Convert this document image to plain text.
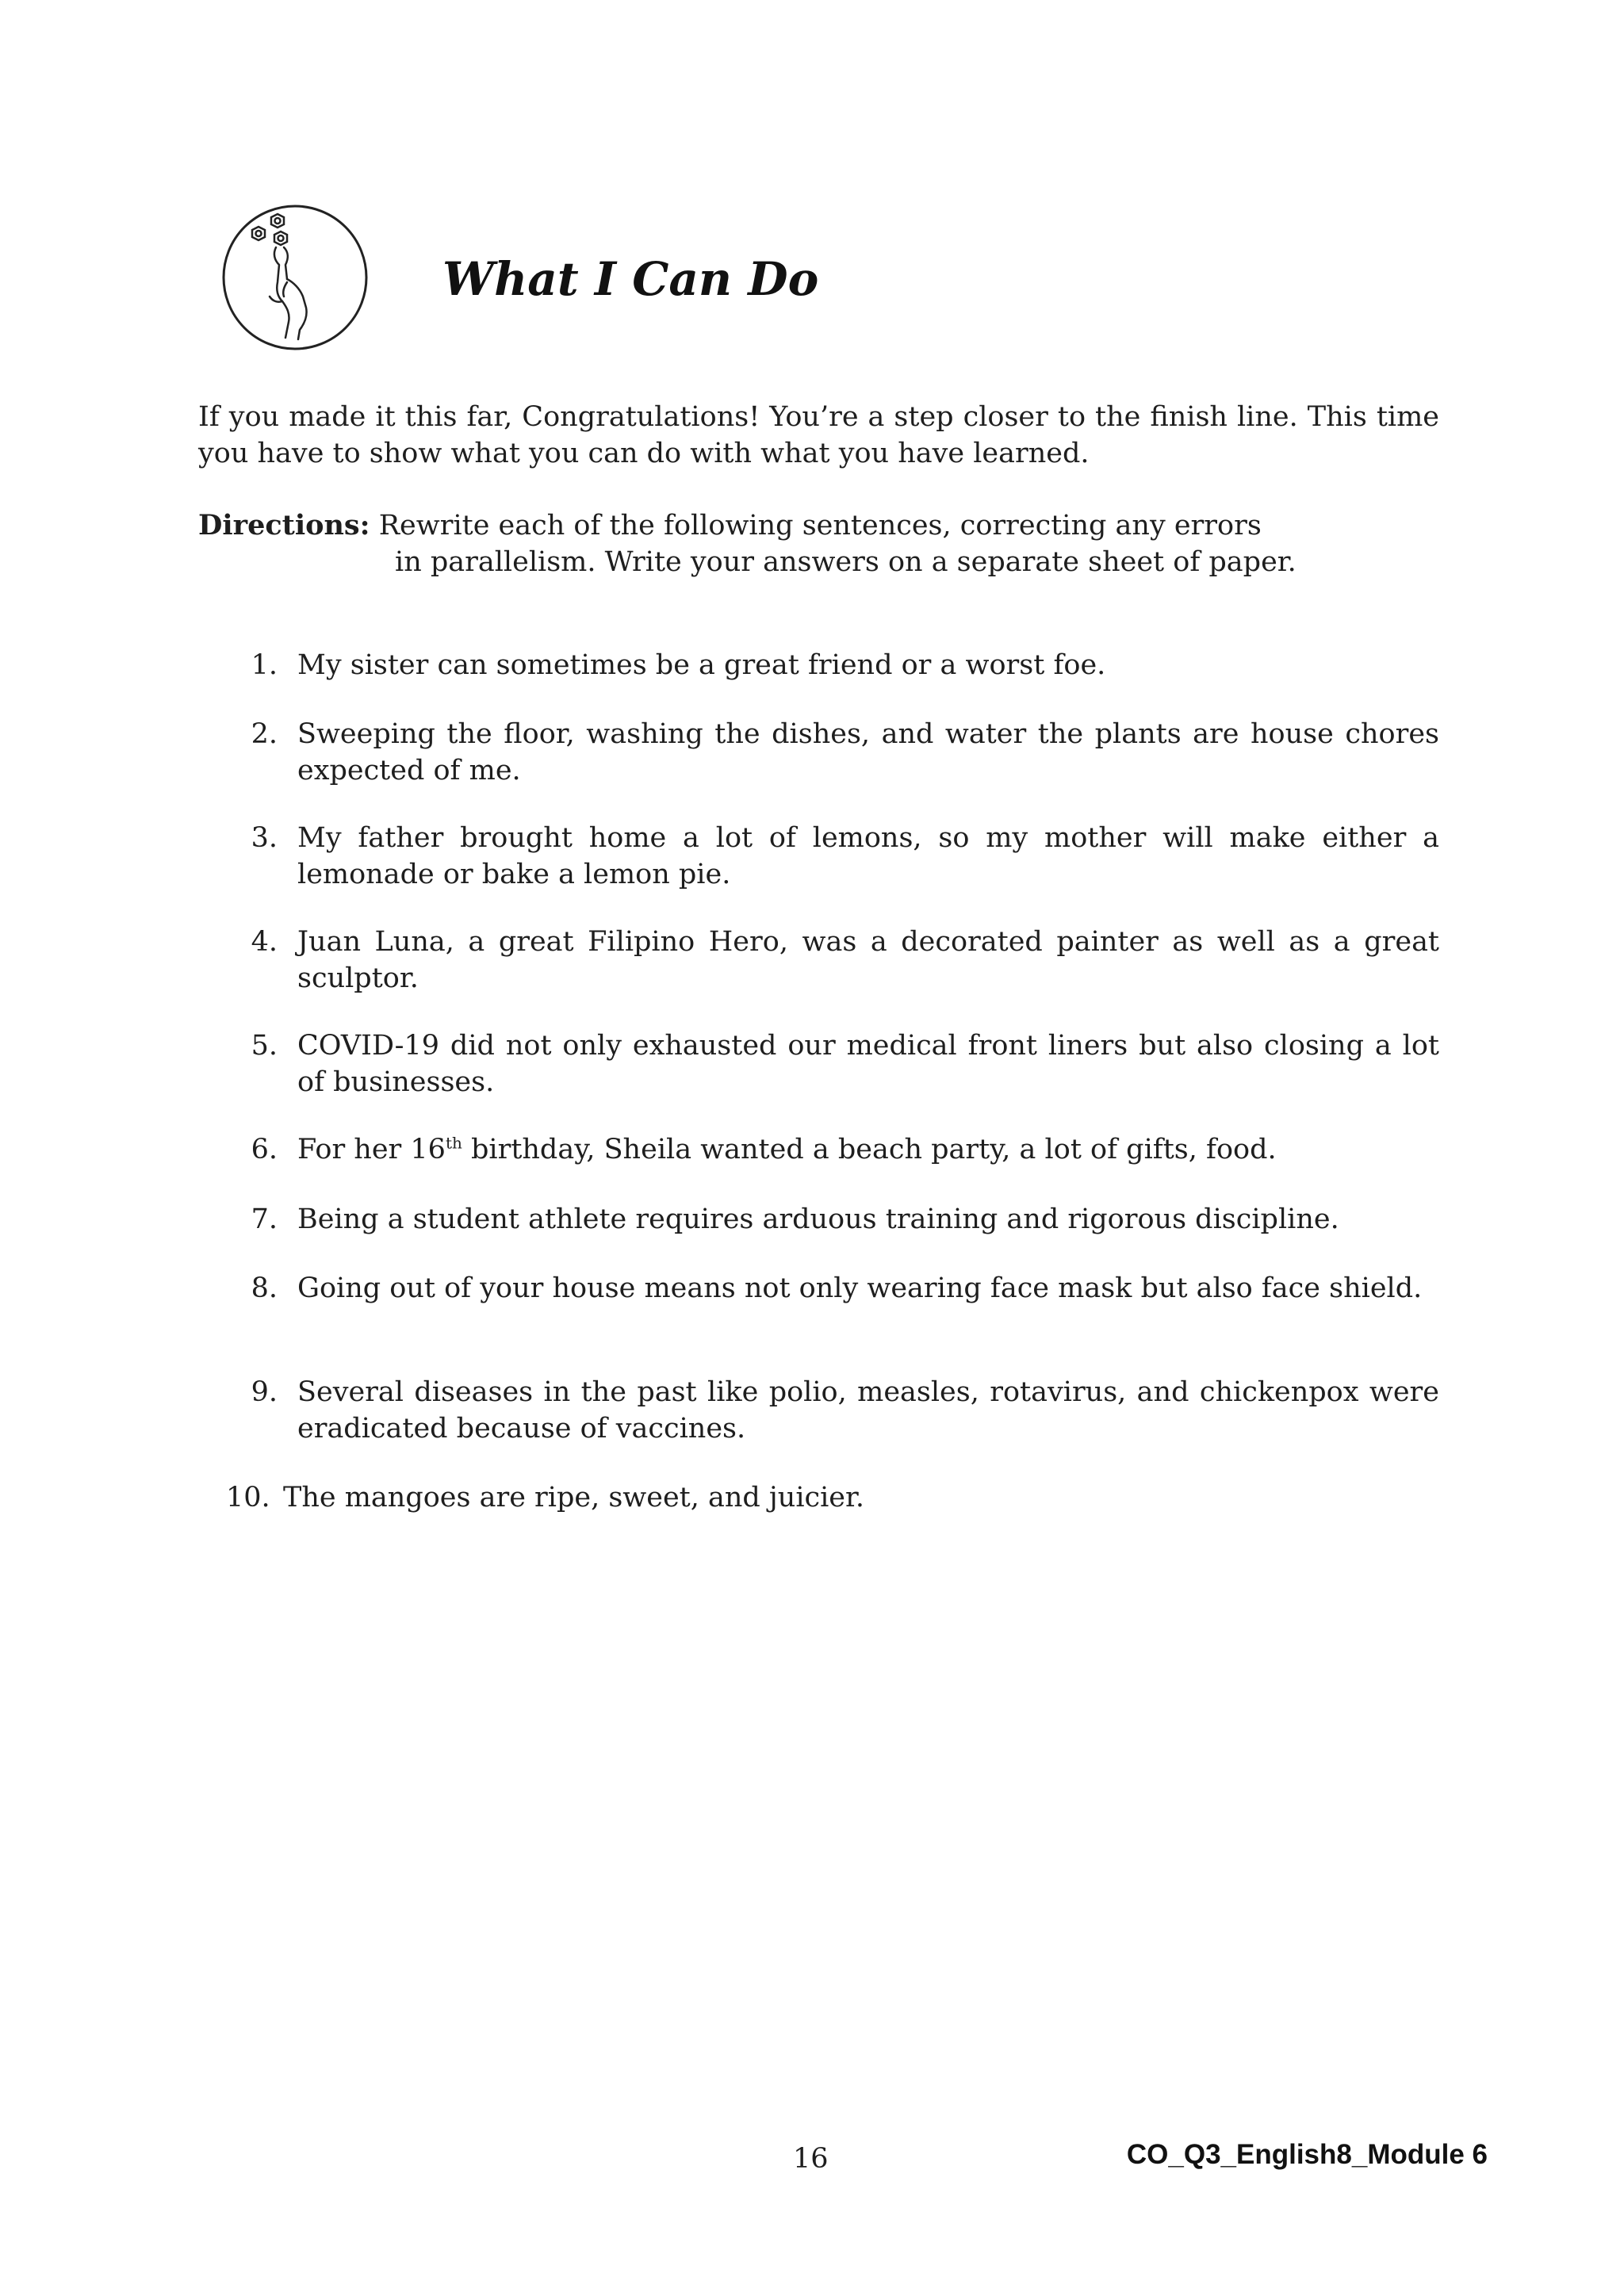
What I Can Do

If you made it this far, Congratulations! You’re a step closer to the finish line. This time you have to show what you can do with what you have learned.

Directions: Rewrite each of the following sentences, correcting any errors
in parallelism. Write your answers on a separate sheet of paper.
1. My sister can sometimes be a great friend or a worst foe.
2. Sweeping the floor, washing the dishes, and water the plants are house chores expected of me.
3. My father brought home a lot of lemons, so my mother will make either a lemonade or bake a lemon pie.
4. Juan Luna, a great Filipino Hero, was a decorated painter as well as a great sculptor.
5. COVID-19 did not only exhausted our medical front liners but also closing a lot of businesses.
6. For her 16th birthday, Sheila wanted a beach party, a lot of gifts, food.
7. Being a student athlete requires arduous training and rigorous discipline.
8. Going out of your house means not only wearing face mask but also face shield.
9. Several diseases in the past like polio, measles, rotavirus, and chickenpox were eradicated because of vaccines.
10. The mangoes are ripe, sweet, and juicier.
16	CO_Q3_English8_Module 6
